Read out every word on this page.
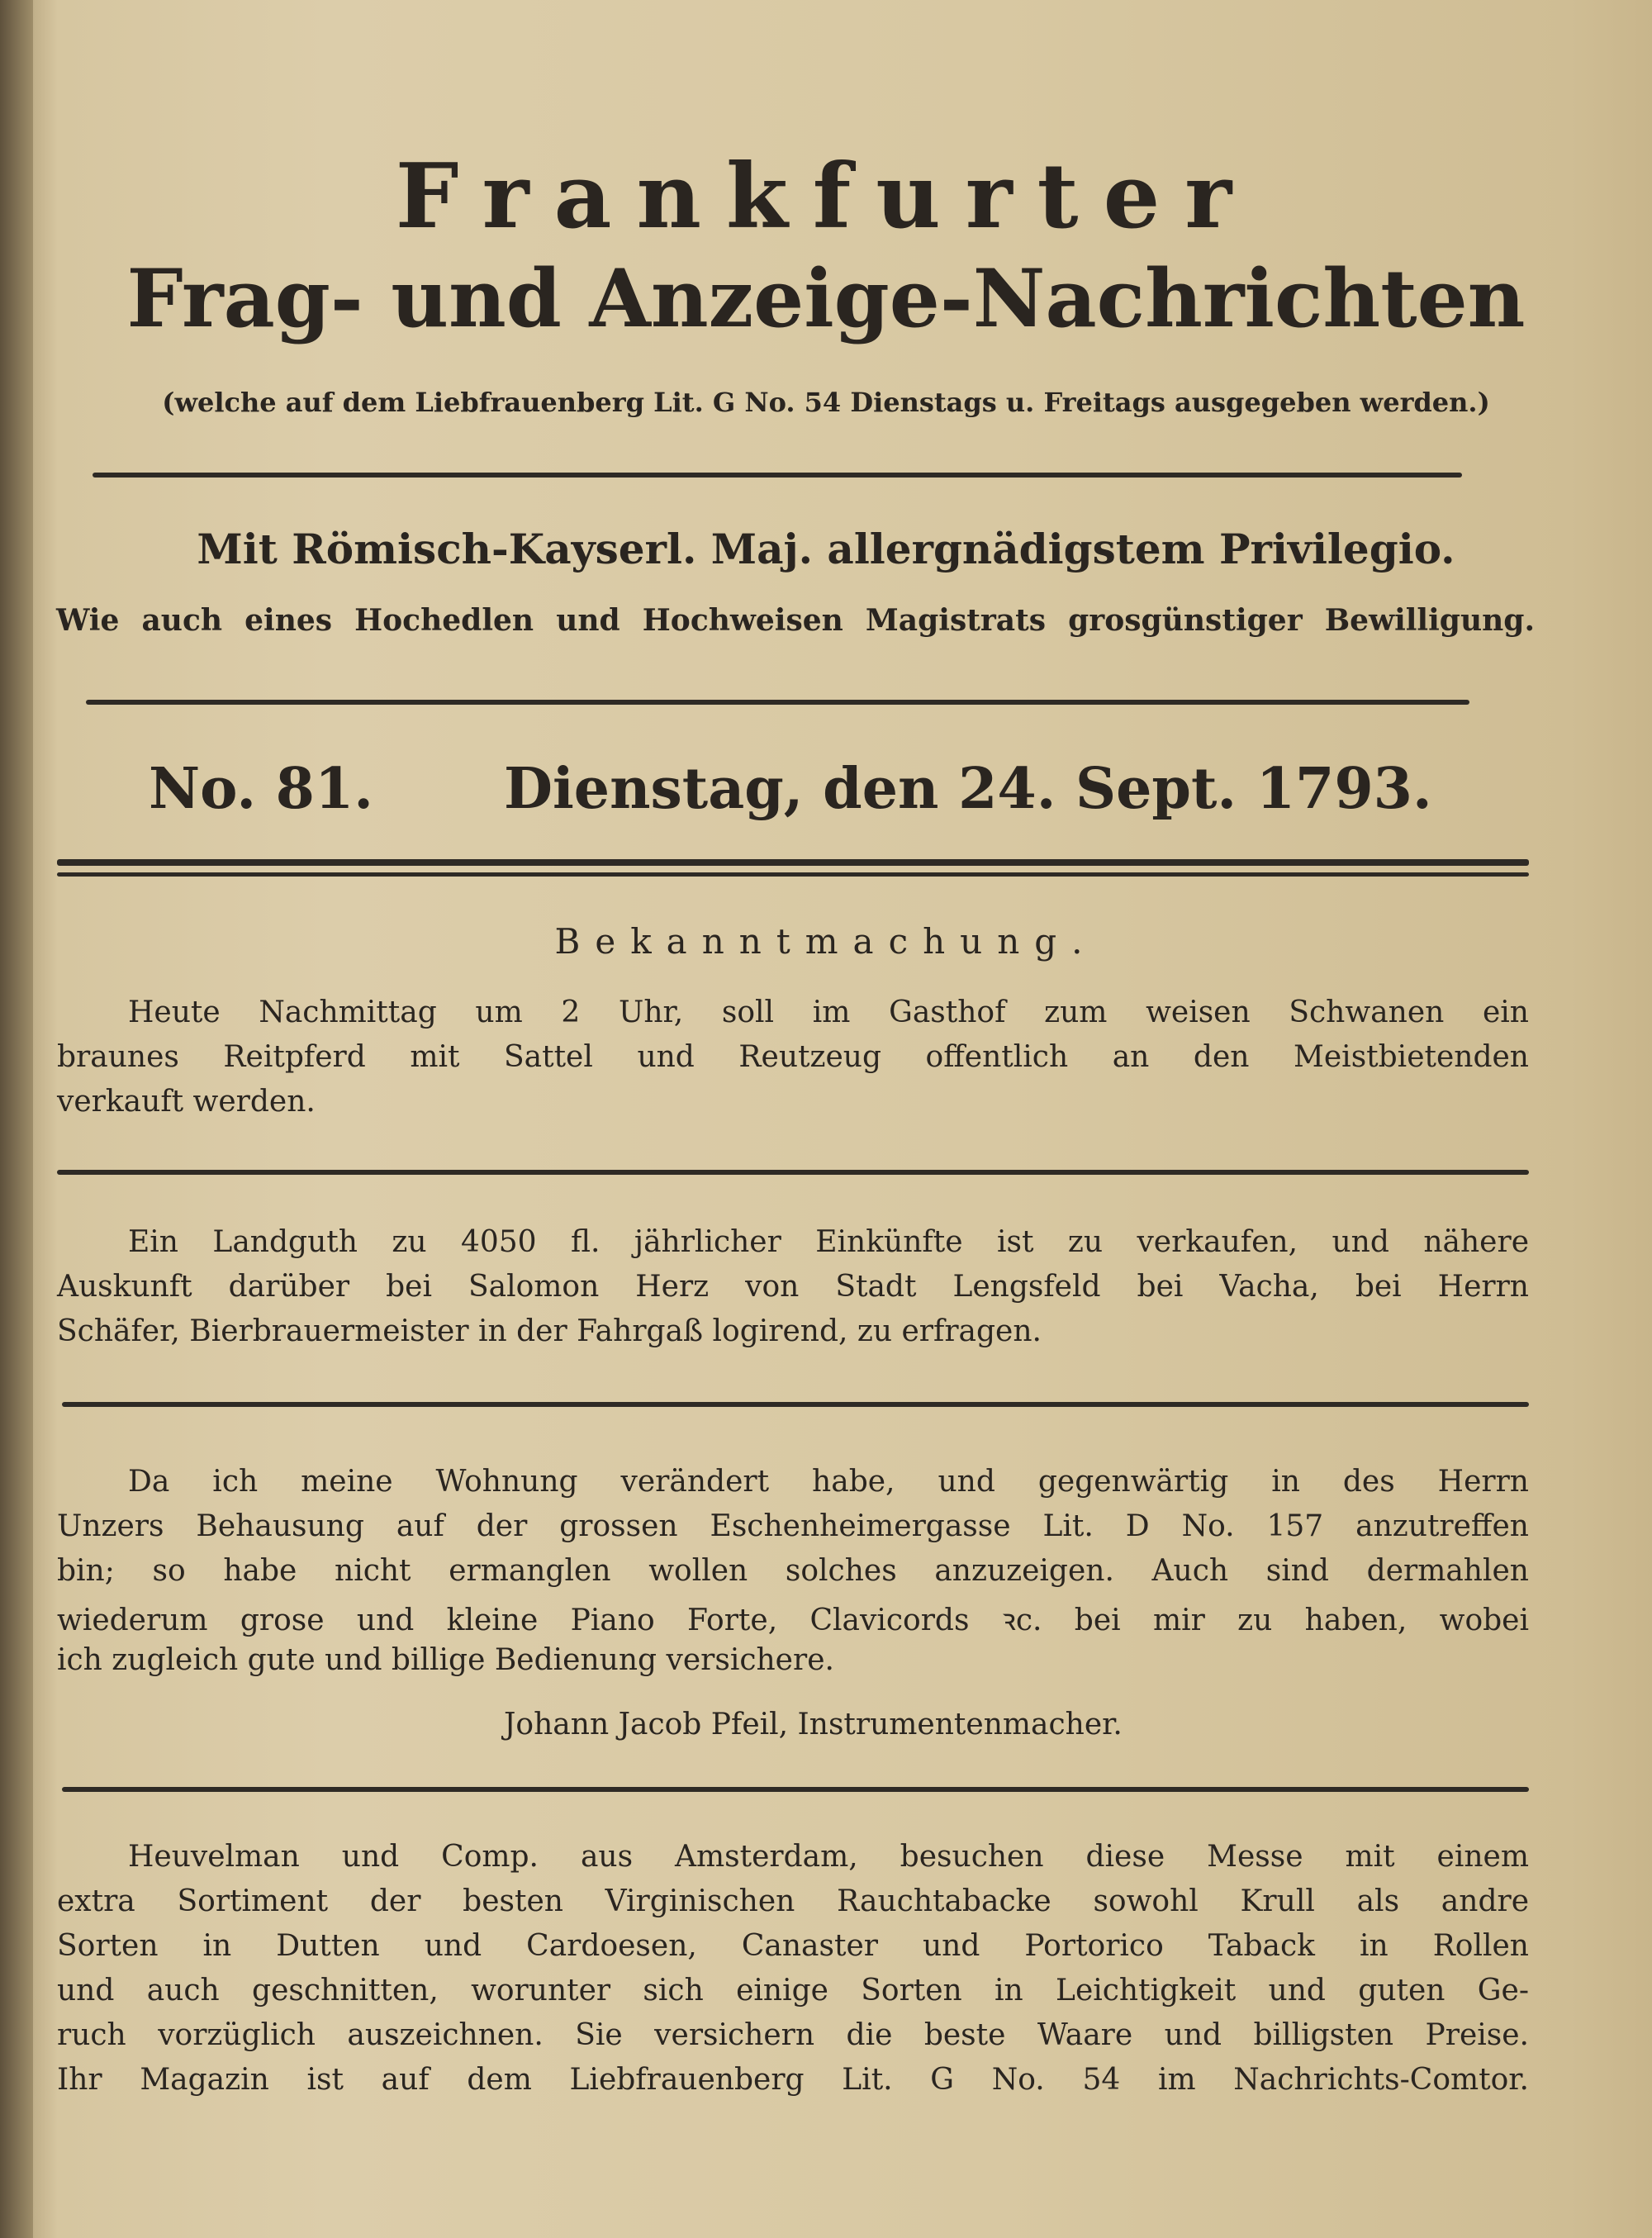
Frankfurter
Frag- und Anzeige-Nachrichten
(welche auf dem Liebfrauenberg Lit. G No. 54 Dienstags u. Freitags ausgegeben werden.)
Mit Römisch-Kayserl. Maj. allergnädigstem Privilegio.
Wie auch eines Hochedlen und Hochweisen Magistrats grosgünstiger Bewilligung.
No. 81. Dienstag, den 24. Sept. 1793.
Bekanntmachung.
Heute Nachmittag um 2 Uhr, soll im Gasthof zum weisen Schwanen ein
braunes Reitpferd mit Sattel und Reutzeug offentlich an den Meistbietenden
verkauft werden.
Ein Landguth zu 4050 fl. jährlicher Einkünfte ist zu verkaufen, und nähere
Auskunft darüber bei Salomon Herz von Stadt Lengsfeld bei Vacha, bei Herrn
Schäfer, Bierbrauermeister in der Fahrgaß logirend, zu erfragen.
Da ich meine Wohnung verändert habe, und gegenwärtig in des Herrn
Unzers Behausung auf der grossen Eschenheimergasse Lit. D No. 157 anzutreffen
bin; so habe nicht ermanglen wollen solches anzuzeigen. Auch sind dermahlen
wiederum grose und kleine Piano Forte, Clavicords ꝛc. bei mir zu haben, wobei
ich zugleich gute und billige Bedienung versichere.
Johann Jacob Pfeil, Instrumentenmacher.
Heuvelman und Comp. aus Amsterdam, besuchen diese Messe mit einem
extra Sortiment der besten Virginischen Rauchtabacke sowohl Krull als andre
Sorten in Dutten und Cardoesen, Canaster und Portorico Taback in Rollen
und auch geschnitten, worunter sich einige Sorten in Leichtigkeit und guten Ge-
ruch vorzüglich auszeichnen. Sie versichern die beste Waare und billigsten Preise.
Ihr Magazin ist auf dem Liebfrauenberg Lit. G No. 54 im Nachrichts-Comtor.
